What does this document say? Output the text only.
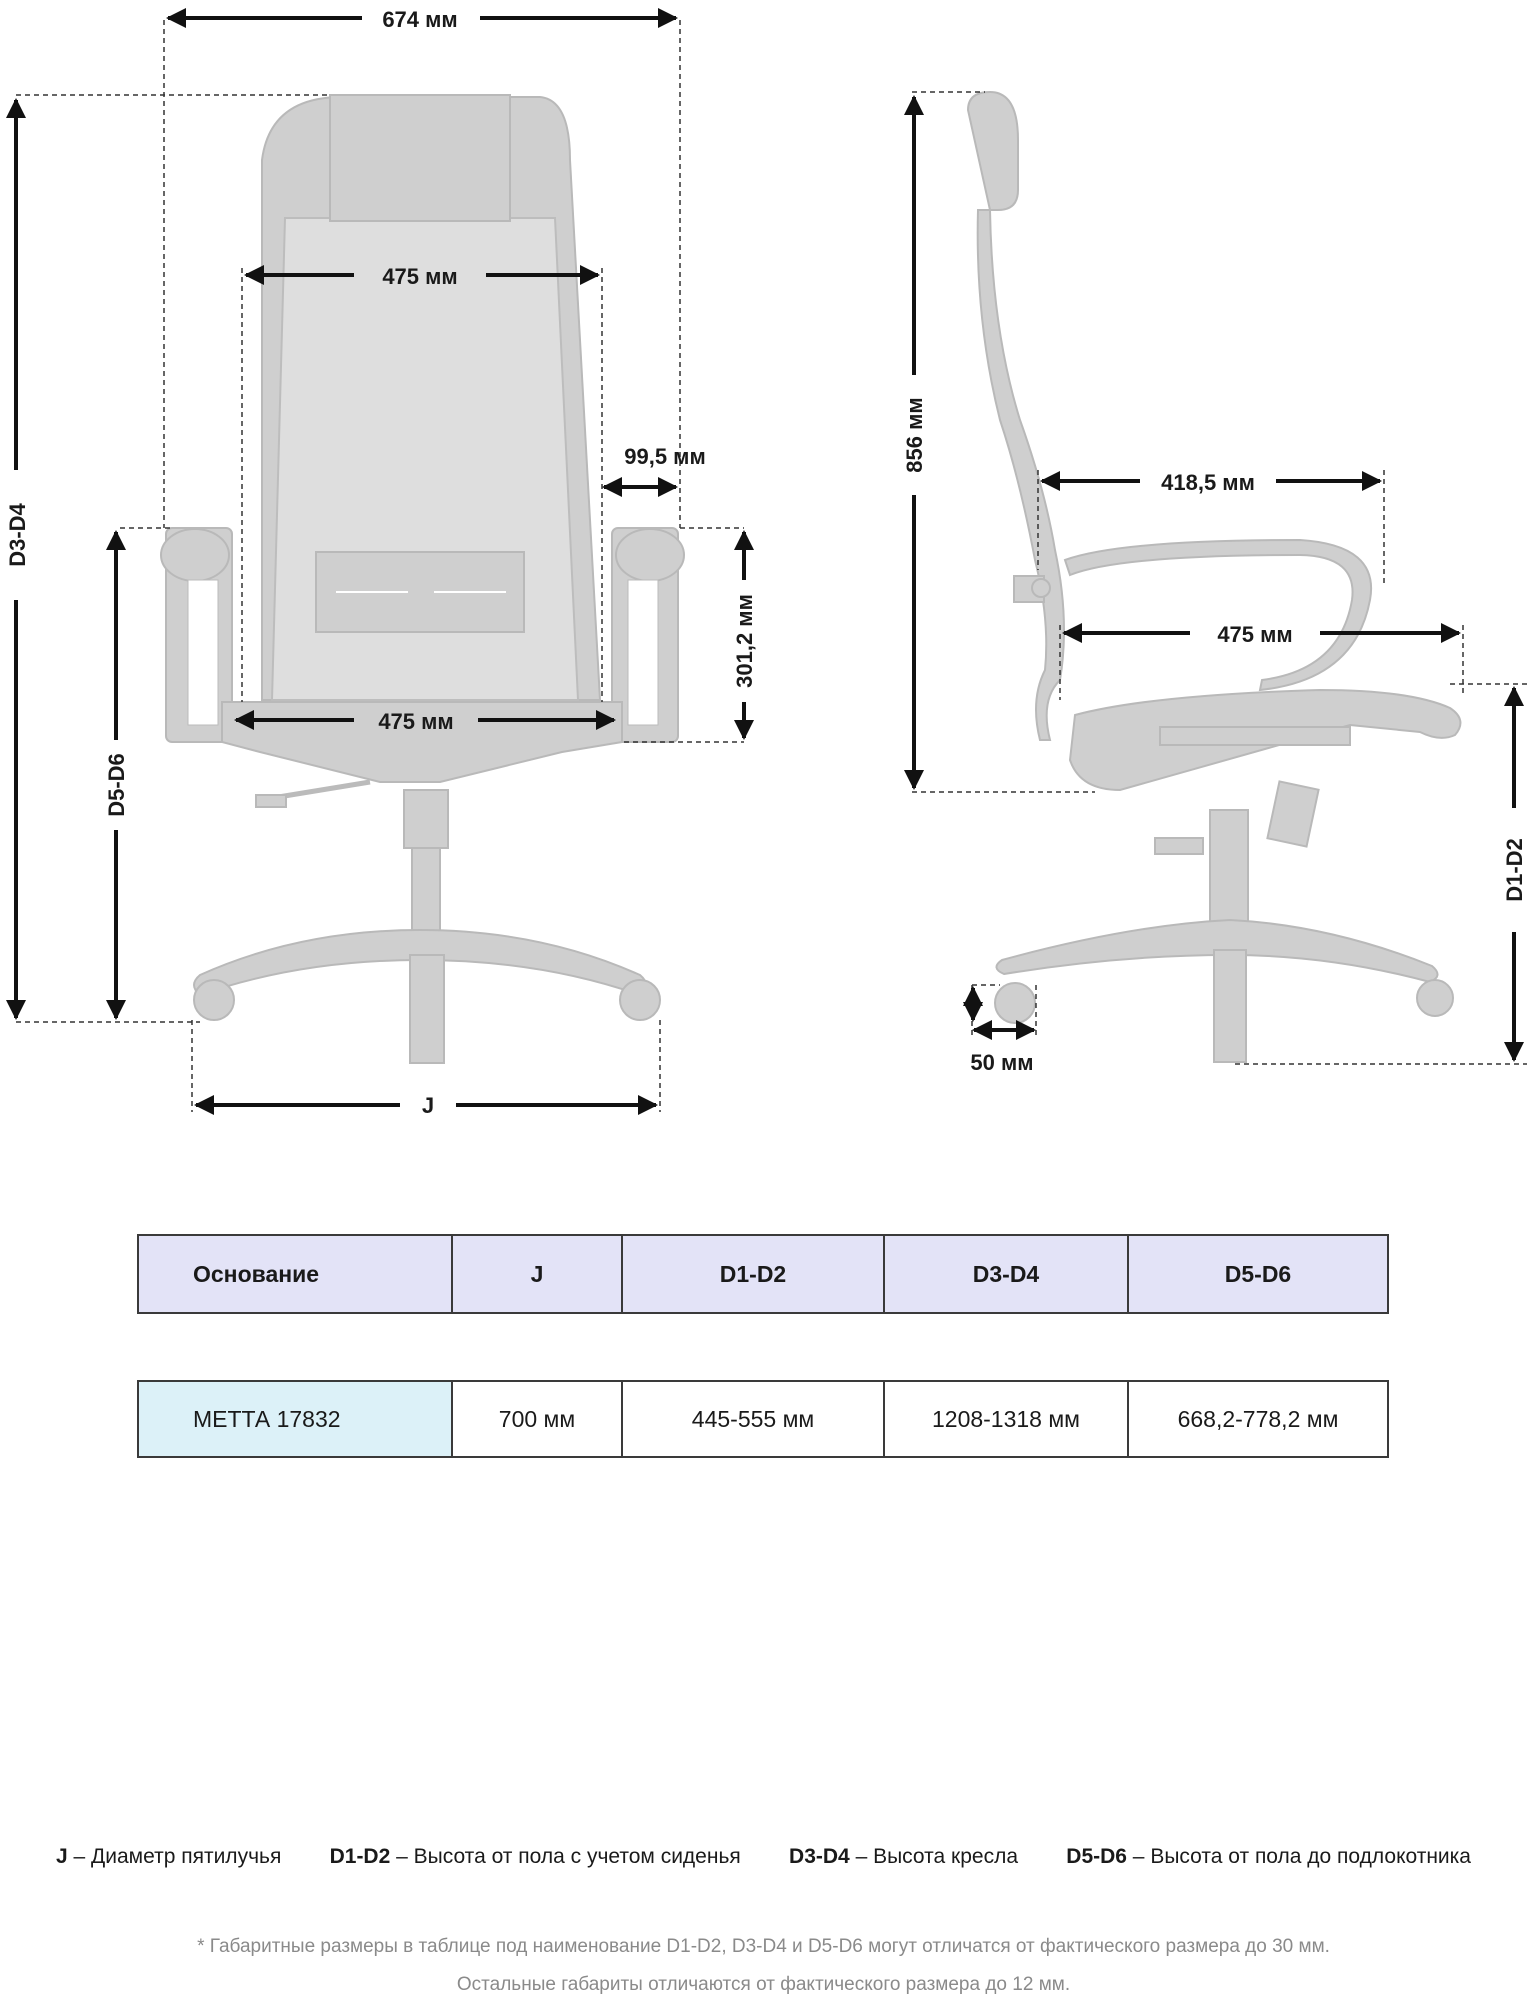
674 мм
475 мм
99,5 мм
301,2 мм
475 мм
D3-D4
D5-D6
J
856 мм
418,5 мм
475 мм
D1-D2
50 мм
Основание	J	D1-D2	D3-D4	D5-D6

МЕТТА 17832	700 мм	445-555 мм	1208-1318 мм	668,2-778,2 мм
J – Диаметр пятилучья D1-D2 – Высота от пола с учетом сиденья D3-D4 – Высота кресла D5-D6 – Высота от пола до подлокотника
* Габаритные размеры в таблице под наименование D1-D2, D3-D4 и D5-D6 могут отличатся от фактического размера до 30 мм.
Остальные габариты отличаются от фактического размера до 12 мм.
